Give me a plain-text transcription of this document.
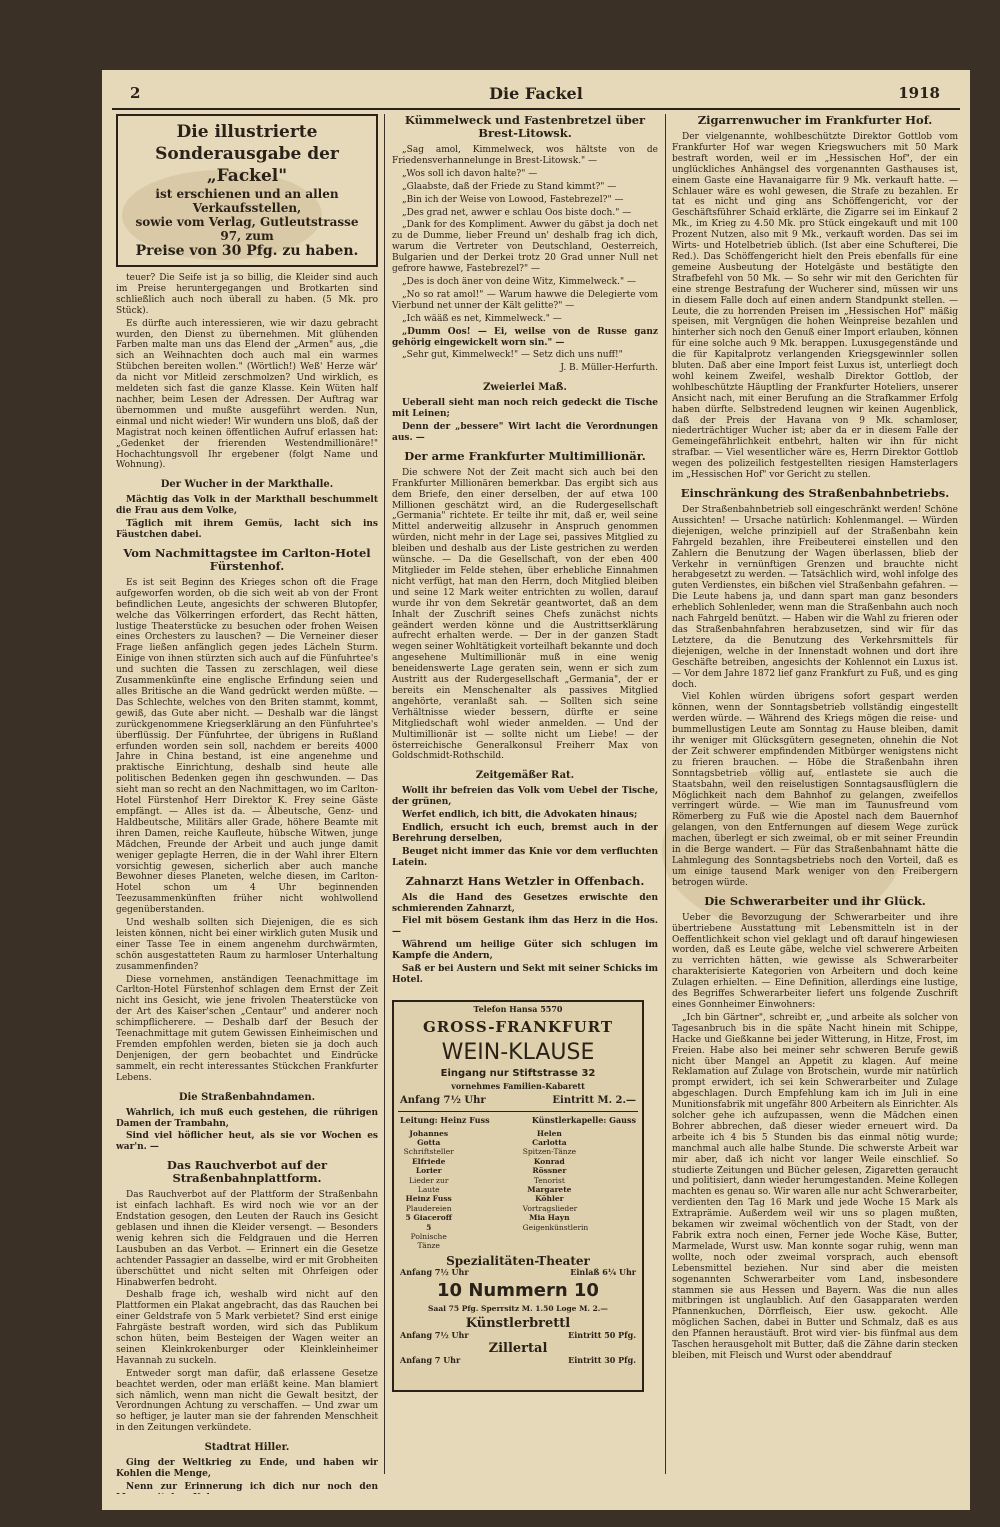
2	Die Fackel	1918
Die illustrierte Sonderausgabe der „Fackel"
ist erschienen und an allen Verkaufsstellen,
sowie vom Verlag, Gutleutstrasse 97, zum
Preise von 30 Pfg. zu haben.

teuer? Die Seife ist ja so billig, die Kleider sind auch im Preise heruntergegangen und Brotkarten sind schließlich auch noch überall zu haben. (5 Mk. pro Stück).

Es dürfte auch interessieren, wie wir dazu gebracht wurden, den Dienst zu übernehmen. Mit glühenden Farben malte man uns das Elend der „Armen" aus, „die sich an Weihnachten doch auch mal ein warmes Stübchen bereiten wollen." (Wörtlich!) Weß' Herze wär' da nicht vor Mitleid zerschmolzen? Und wirklich, es meldeten sich fast die ganze Klasse. Kein Wüten half nachher, beim Lesen der Adressen. Der Auftrag war übernommen und mußte ausgeführt werden. Nun, einmal und nicht wieder! Wir wundern uns bloß, daß der Magistrat noch keinen öffentlichen Aufruf erlassen hat: „Gedenket der frierenden Westendmillionäre!" Hochachtungsvoll Ihr ergebener (folgt Name und Wohnung).

Der Wucher in der Markthalle.

Mächtig das Volk in der Markthall beschummelt die Frau aus dem Volke,

Täglich mit ihrem Gemüs, lacht sich ins Fäustchen dabei.

Vom Nachmittagstee im Carlton-Hotel Fürstenhof.

Es ist seit Beginn des Krieges schon oft die Frage aufgeworfen worden, ob die sich weit ab von der Front befindlichen Leute, angesichts der schweren Blutopfer, welche das Völkerringen erfordert, das Recht hätten, lustige Theaterstücke zu besuchen oder frohen Weisen eines Orchesters zu lauschen? — Die Verneiner dieser Frage ließen anfänglich gegen jedes Lächeln Sturm. Einige von ihnen stürzten sich auch auf die Fünfuhrtee's und suchten die Tassen zu zerschlagen, weil diese Zusammenkünfte eine englische Erfindung seien und alles Britische an die Wand gedrückt werden müßte. — Das Schlechte, welches von den Briten stammt, kommt, gewiß, das Gute aber nicht. — Deshalb war die längst zurückgenommene Kriegserklärung an den Fünfuhrtee's überflüssig. Der Fünfuhrtee, der übrigens in Rußland erfunden worden sein soll, nachdem er bereits 4000 Jahre in China bestand, ist eine angenehme und praktische Einrichtung, deshalb sind heute alle politischen Bedenken gegen ihn geschwunden. — Das sieht man so recht an den Nachmittagen, wo im Carlton-Hotel Fürstenhof Herr Direktor K. Frey seine Gäste empfängt. — Alles ist da. — Älbeutsche, Genz- und Haldbeutsche, Militärs aller Grade, höhere Beamte mit ihren Damen, reiche Kaufleute, hübsche Witwen, junge Mädchen, Freunde der Arbeit und auch junge damit weniger geplagte Herren, die in der Wahl ihrer Eltern vorsichtig gewesen, sicherlich aber auch manche Bewohner dieses Planeten, welche diesen, im Carlton-Hotel schon um 4 Uhr beginnenden Teezusammenkünften früher nicht wohlwollend gegenüberstanden.

Und weshalb sollten sich Diejenigen, die es sich leisten können, nicht bei einer wirklich guten Musik und einer Tasse Tee in einem angenehm durchwärmten, schön ausgestatteten Raum zu harmloser Unterhaltung zusammenfinden?

Diese vornehmen, anständigen Teenachmittage im Carlton-Hotel Fürstenhof schlagen dem Ernst der Zeit nicht ins Gesicht, wie jene frivolen Theaterstücke von der Art des Kaiser'schen „Centaur" und anderer noch schimpflicherere. — Deshalb darf der Besuch der Teenachmittage mit gutem Gewissen Einheimischen und Fremden empfohlen werden, bieten sie ja doch auch Denjenigen, der gern beobachtet und Eindrücke sammelt, ein recht interessantes Stückchen Frankfurter Lebens.

Die Straßenbahndamen.

Wahrlich, ich muß euch gestehen, die rührigen Damen der Trambahn,

Sind viel höflicher heut, als sie vor Wochen es war'n. —

Das Rauchverbot auf der Straßenbahnplattform.

Das Rauchverbot auf der Plattform der Straßenbahn ist einfach lachhaft. Es wird noch wie vor an der Endstation gesogen, den Leuten der Rauch ins Gesicht geblasen und ihnen die Kleider versengt. — Besonders wenig kehren sich die Feldgrauen und die Herren Lausbuben an das Verbot. — Erinnert ein die Gesetze achtender Passagier an dasselbe, wird er mit Grobheiten überschüttet und nicht selten mit Ohrfeigen oder Hinabwerfen bedroht.

Deshalb frage ich, weshalb wird nicht auf den Plattformen ein Plakat angebracht, das das Rauchen bei einer Geldstrafe von 5 Mark verbietet? Sind erst einige Fahrgäste bestraft worden, wird sich das Publikum schon hüten, beim Besteigen der Wagen weiter an seinen Kleinkrokenburger oder Kleinkleinheimer Havannah zu suckeln.

Entweder sorgt man dafür, daß erlassene Gesetze beachtet werden, oder man erläßt keine. Man blamiert sich nämlich, wenn man nicht die Gewalt besitzt, der Verordnungen Achtung zu verschaffen. — Und zwar um so heftiger, je lauter man sie der fahrenden Menschheit in den Zeitungen verkündete.

Stadtrat Hiller.

Ging der Weltkrieg zu Ende, und haben wir Kohlen die Menge,

Nenn zur Erinnerung ich dich nur noch den

Kümmelweck und Fastenbretzel über Brest-Litowsk.

„Sag amol, Kimmelweck, wos hältste von de Friedensverhannelunge in Brest-Litowsk." —

„Wos soll ich davon halte?" —

„Glaabste, daß der Friede zu Stand kimmt?" —

„Bin ich der Weise von Lowood, Fastebrezel?" —

„Des grad net, awwer e schlau Oos biste doch." —

„Dank for des Kompliment. Awwer du gäbst ja doch net zu de Dumme, lieber Freund un' deshalb frag ich dich, warum die Vertreter von Deutschland, Oesterreich, Bulgarien und der Derkei trotz 20 Grad unner Null net gefrore hawwe, Fastebrezel?" —

„Des is doch äner von deine Witz, Kimmelweck." —

„No so rat amol!" — Warum hawwe die Delegierte vom Vierbund net unner der Kält gelitte?" —

„Ich wääß es net, Kimmelweck." —

„Dumm Oos! — Ei, weilse von de Russe ganz gehörig eingewickelt worn sin." —

„Sehr gut, Kimmelweck!" — Setz dich uns nuff!"

J. B. Müller-Herfurth.
Zweierlei Maß.

Ueberall sieht man noch reich gedeckt die Tische mit Leinen;

Denn der „bessere" Wirt lacht die Verordnungen aus. —

Der arme Frankfurter Multimillionär.

Die schwere Not der Zeit macht sich auch bei den Frankfurter Millionären bemerkbar. Das ergibt sich aus dem Briefe, den einer derselben, der auf etwa 100 Millionen geschätzt wird, an die Rudergesellschaft „Germania" richtete. Er teilte ihr mit, daß er, weil seine Mittel anderweitig allzusehr in Anspruch genommen würden, nicht mehr in der Lage sei, passives Mitglied zu bleiben und deshalb aus der Liste gestrichen zu werden wünsche. — Da die Gesellschaft, von der eben 400 Mitglieder im Felde stehen, über erhebliche Einnahmen nicht verfügt, hat man den Herrn, doch Mitglied bleiben und seine 12 Mark weiter entrichten zu wollen, darauf wurde ihr von dem Sekretär geantwortet, daß an dem Inhalt der Zuschrift seines Chefs zunächst nichts geändert werden könne und die Austrittserklärung aufrecht erhalten werde. — Der in der ganzen Stadt wegen seiner Wohltätigkeit vorteilhaft bekannte und doch angesehene Multimillionär muß in eine wenig beneidenswerte Lage geraten sein, wenn er sich zum Austritt aus der Rudergesellschaft „Germania", der er bereits ein Menschenalter als passives Mitglied angehörte, veranlaßt sah. — Sollten sich seine Verhältnisse wieder bessern, dürfte er seine Mitgliedschaft wohl wieder anmelden. — Und der Multimillionär ist — sollte nicht um Liebe! — der österreichische Generalkonsul Freiherr Max von Goldschmidt-Rothschild.

Zeitgemäßer Rat.

Wollt ihr befreien das Volk vom Uebel der Tische, der grünen,

Werfet endlich, ich bitt, die Advokaten hinaus;

Endlich, ersucht ich euch, bremst auch in der Berehrung derselben,

Beuget nicht immer das Knie vor dem verfluchten Latein.

Zahnarzt Hans Wetzler in Offenbach.

Als die Hand des Gesetzes erwischte den schmierenden Zahnarzt,

Fiel mit bösem Gestank ihm das Herz in die Hos. —

Während um heilige Güter sich schlugen im Kampfe die Andern,

Saß er bei Austern und Sekt mit seiner Schicks im Hotel.

Telefon Hansa 5570
GROSS-FRANKFURT
WEIN-KLAUSE
Eingang nur Stiftstrasse 32
vornehmes Familien-Kabarett
Anfang 7½ Uhr	Eintritt M. 2.—
Leitung: Heinz Fuss	Künstlerkapelle: Gauss
Johannes Gotta
Schriftsteller
Elfriede Lorier
Lieder zur Laute
Heinz Fuss
Plaudereien
5 Giaceroff 5
Polnische Tänze
Helen Carlotta
Spitzen-Tänze
Konrad Rössner
Tenorist
Margarete Köhler
Vortragslieder
Mia Hayn
Geigenkünstlerin
Spezialitäten-Theater
Anfang 7½ Uhr	Einlaß 6¼ Uhr
10 Nummern 10
Saal 75 Pfg. Sperrsitz M. 1.50 Loge M. 2.—
Künstlerbrettl
Anfang 7½ Uhr	Eintritt 50 Pfg.
Zillertal
Anfang 7 Uhr	Eintritt 30 Pfg.
Zigarrenwucher im Frankfurter Hof.

Der vielgenannte, wohlbeschützte Direktor Gottlob vom Frankfurter Hof war wegen Kriegswuchers mit 50 Mark bestraft worden, weil er im „Hessischen Hof", der ein unglückliches Anhängsel des vorgenannten Gasthauses ist, einem Gaste eine Havanaigarre für 9 Mk. verkauft hatte. — Schlauer wäre es wohl gewesen, die Strafe zu bezahlen. Er tat es nicht und ging ans Schöffengericht, vor der Geschäftsführer Schaid erklärte, die Zigarre sei im Einkauf 2 Mk., im Krieg zu 4.50 Mk. pro Stück eingekauft und mit 100 Prozent Nutzen, also mit 9 Mk., verkauft worden. Das sei im Wirts- und Hotelbetrieb üblich. (Ist aber eine Schufterei, Die Red.). Das Schöffengericht hielt den Preis ebenfalls für eine gemeine Ausbeutung der Hotelgäste und bestätigte den Strafbefehl von 50 Mk. — So sehr wir mit den Gerichten für eine strenge Bestrafung der Wucherer sind, müssen wir uns in diesem Falle doch auf einen andern Standpunkt stellen. — Leute, die zu horrenden Preisen im „Hessischen Hof" mäßig speisen, mit Vergnügen die hohen Weinpreise bezahlen und hinterher sich noch den Genuß einer Import erlauben, können für eine solche auch 9 Mk. berappen. Luxusgegenstände und die für Kapitalprotz verlangenden Kriegsgewinnler sollen bluten. Daß aber eine Import feist Luxus ist, unterliegt doch wohl keinem Zweifel, weshalb Direktor Gottlob, der wohlbeschützte Häuptling der Frankfurter Hoteliers, unserer Ansicht nach, mit einer Berufung an die Strafkammer Erfolg haben dürfte. Selbstredend leugnen wir keinen Augenblick, daß der Preis der Havana von 9 Mk. schamloser, niederträchtiger Wucher ist; aber da er in diesem Falle der Gemeingefährlichkeit entbehrt, halten wir ihn für nicht strafbar. — Viel wesentlicher wäre es, Herrn Direktor Gottlob wegen des polizeilich festgestellten riesigen Hamsterlagers im „Hessischen Hof" vor Gericht zu stellen.

Einschränkung des Straßenbahnbetriebs.

Der Straßenbahnbetrieb soll eingeschränkt werden! Schöne Aussichten! — Ursache natürlich: Kohlenmangel. — Würden diejenigen, welche prinzipiell auf der Straßenbahn kein Fahrgeld bezahlen, ihre Freibeuterei einstellen und den Zahlern die Benutzung der Wagen überlassen, blieb der Verkehr in vernünftigen Grenzen und brauchte nicht herabgesetzt zu werden. — Tatsächlich wird, wohl infolge des guten Verdienstes, ein bißchen viel Straßenbahn gefahren. — Die Leute habens ja, und dann spart man ganz besonders erheblich Sohlenleder, wenn man die Straßenbahn auch noch nach Fahrgeld benützt. — Haben wir die Wahl zu frieren oder das Straßenbahnfahren herabzusetzen, sind wir für das Letztere, da die Benutzung des Verkehrsmittels für diejenigen, welche in der Innenstadt wohnen und dort ihre Geschäfte betreiben, angesichts der Kohlennot ein Luxus ist. — Vor dem Jahre 1872 lief ganz Frankfurt zu Fuß, und es ging doch.

Viel Kohlen würden übrigens sofort gespart werden können, wenn der Sonntagsbetrieb vollständig eingestellt werden würde. — Während des Kriegs mögen die reise- und bummellustigen Leute am Sonntag zu Hause bleiben, damit ihr weniger mit Glücksgütern gesegneten, ohnehin die Not der Zeit schwerer empfindenden Mitbürger wenigstens nicht zu frieren brauchen. — Höbe die Straßenbahn ihren Sonntagsbetrieb völlig auf, entlastete sie auch die Staatsbahn, weil den reiselustigen Sonntagsausflüglern die Möglichkeit nach dem Bahnhof zu gelangen, zweifellos verringert würde. — Wie man im Taunusfreund vom Römerberg zu Fuß wie die Apostel nach dem Bauernhof gelangen, von den Entfernungen auf diesem Wege zurück machen, überlegt er sich zweimal, ob er mit seiner Freundin in die Berge wandert. — Für das Straßenbahnamt hätte die Lahmlegung des Sonntagsbetriebs noch den Vorteil, daß es um einige tausend Mark weniger von den Freibergern betrogen würde.

Die Schwerarbeiter und ihr Glück.

Ueber die Bevorzugung der Schwerarbeiter und ihre übertriebene Ausstattung mit Lebensmitteln ist in der Oeffentlichkeit schon viel geklagt und oft darauf hingewiesen worden, daß es Leute gäbe, welche viel schwerere Arbeiten zu verrichten hätten, wie gewisse als Schwerarbeiter charakterisierte Kategorien von Arbeitern und doch keine Zulagen erhielten. — Eine Definition, allerdings eine lustige, des Begriffes Schwerarbeiter liefert uns folgende Zuschrift eines Gonnheimer Einwohners:

„Ich bin Gärtner", schreibt er, „und arbeite als solcher von Tagesanbruch bis in die späte Nacht hinein mit Schippe, Hacke und Gießkanne bei jeder Witterung, in Hitze, Frost, im Freien. Habe also bei meiner sehr schweren Berufe gewiß nicht über Mangel an Appetit zu klagen. Auf meine Reklamation auf Zulage von Brotschein, wurde mir natürlich prompt erwidert, ich sei kein Schwerarbeiter und Zulage abgeschlagen. Durch Empfehlung kam ich im Juli in eine Munitionsfabrik mit ungefähr 800 Arbeitern als Einrichter. Als solcher gehe ich aufzupassen, wenn die Mädchen einen Bohrer abbrechen, daß dieser wieder erneuert wird. Da arbeite ich 4 bis 5 Stunden bis das einmal nötig wurde; manchmal auch alle halbe Stunde. Die schwerste Arbeit war mir aber, daß ich nicht vor langer Weile einschlief. So studierte Zeitungen und Bücher gelesen, Zigaretten geraucht und politisiert, dann wieder herumgestanden. Meine Kollegen machten es genau so. Wir waren alle nur acht Schwerarbeiter, verdienten den Tag 16 Mark und jede Woche 15 Mark als Extraprämie. Außerdem weil wir uns so plagen mußten, bekamen wir zweimal wöchentlich von der Stadt, von der Fabrik extra noch einen, Ferner jede Woche Käse, Butter, Marmelade, Wurst usw. Man konnte sogar ruhig, wenn man wollte, noch oder zweimal vorsprach, auch ebensoft Lebensmittel beziehen. Nur sind aber die meisten sogenannten Schwerarbeiter vom Land, insbesondere stammen sie aus Hessen und Bayern. Was die nun alles mitbringen ist unglaublich. Auf den Gasapparaten werden Pfannenkuchen, Dörrfleisch, Eier usw. gekocht. Alle möglichen Sachen, dabei in Butter und Schmalz, daß es aus den Pfannen heraustäuft. Brot wird vier- bis fünfmal aus dem Taschen herausgeholt mit Butter, daß die Zähne darin stecken bleiben, mit Fleisch und Wurst oder abenddrauf
